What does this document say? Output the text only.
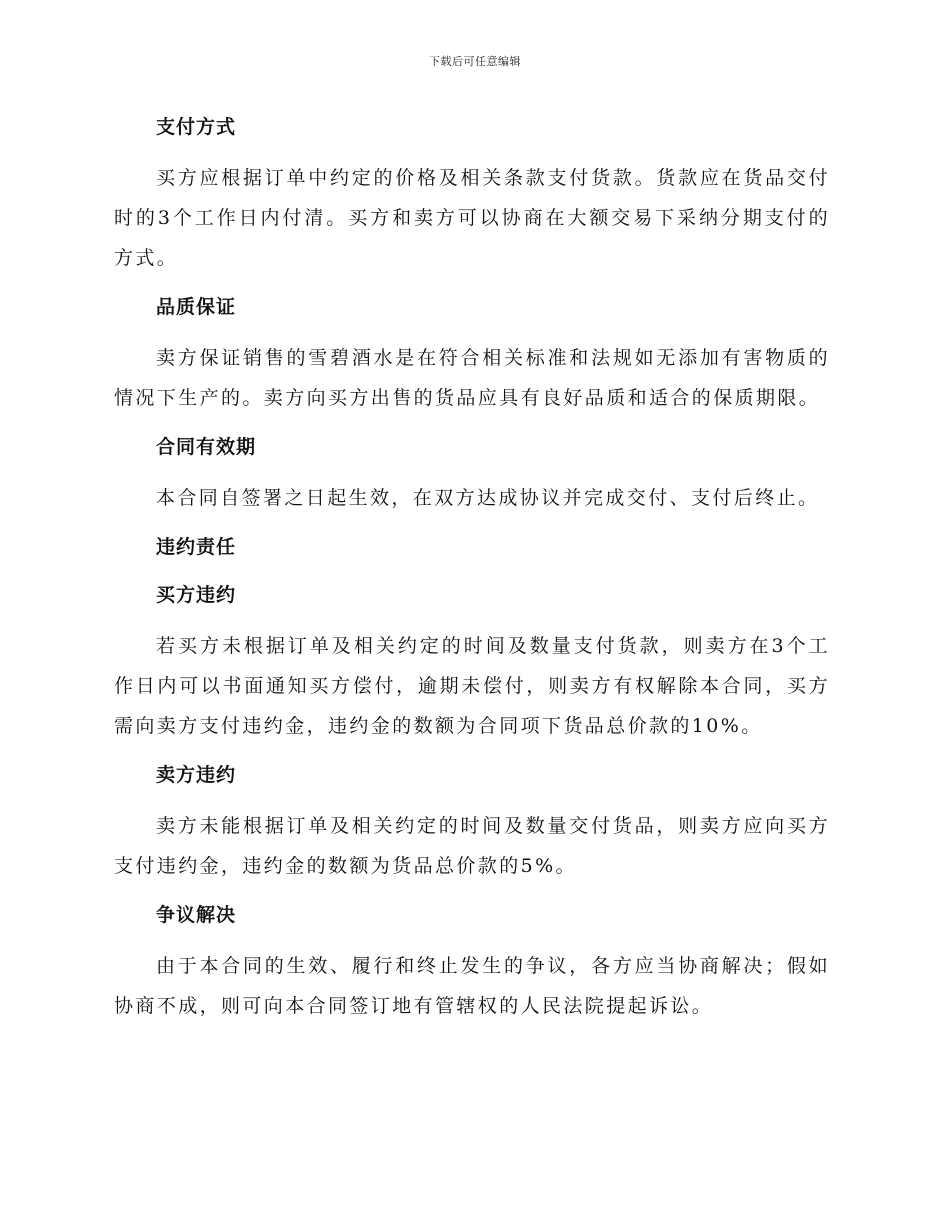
下载后可任意编辑
支付方式
买方应根据订单中约定的价格及相关条款支付货款。货款应在货品交付时的3个工作日内付清。买方和卖方可以协商在大额交易下采纳分期支付的方式。
品质保证
卖方保证销售的雪碧酒水是在符合相关标准和法规如无添加有害物质的情况下生产的。卖方向买方出售的货品应具有良好品质和适合的保质期限。
合同有效期
本合同自签署之日起生效，在双方达成协议并完成交付、支付后终止。
违约责任
买方违约
若买方未根据订单及相关约定的时间及数量支付货款，则卖方在3个工作日内可以书面通知买方偿付，逾期未偿付，则卖方有权解除本合同，买方需向卖方支付违约金，违约金的数额为合同项下货品总价款的10%。
卖方违约
卖方未能根据订单及相关约定的时间及数量交付货品，则卖方应向买方支付违约金，违约金的数额为货品总价款的5%。
争议解决
由于本合同的生效、履行和终止发生的争议，各方应当协商解决；假如协商不成，则可向本合同签订地有管辖权的人民法院提起诉讼。
